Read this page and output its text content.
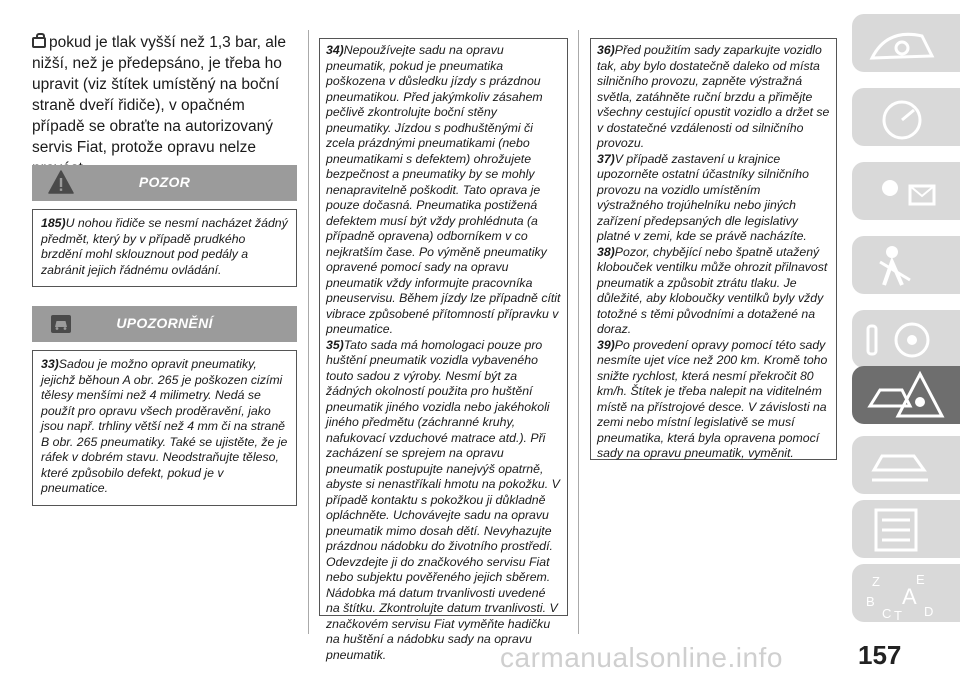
pokud je tlak vyšší než 1,3 bar, ale nižší, než je předepsáno, je třeba ho upravit (viz štítek umístěný na boční straně dveří řidiče), v opačném případě se obraťte na autorizovaný servis Fiat, protože opravu nelze
POZOR

185)U nohou řidiče se nesmí nacházet žádný předmět, který by v případě prudkého brzdění mohl sklouznout pod pedály a zabránit jejich řádnému ovládání.

UPOZORNĚNÍ

33)Sadou je možno opravit pneumatiky, jejichž běhoun A obr. 265 je poškozen cizími tělesy menšími než 4 milimetry. Nedá se použít pro opravu všech proděravění, jako jsou např. trhliny větší než 4 mm či na straně B obr. 265 pneumatiky. Také se ujistěte, že je ráfek v dobrém stavu. Neodstraňujte těleso, které způsobilo defekt, pokud je v pneumatice.

34)Nepoužívejte sadu na opravu pneumatik, pokud je pneumatika poškozena v důsledku jízdy s prázdnou pneumatikou. Před jakýmkoliv zásahem pečlivě zkontrolujte boční stěny pneumatiky. Jízdou s podhuštěnými či zcela prázdnými pneumatikami (nebo pneumatikami s defektem) ohrožujete bezpečnost a pneumatiky by se mohly nenapravitelně poškodit. Tato oprava je pouze dočasná. Pneumatika postižená defektem musí být vždy prohlédnuta (a případně opravena) odborníkem v co nejkratším čase. Po výměně pneumatiky opravené pomocí sady na opravu pneumatik vždy informujte pracovníka pneuservisu. Během jízdy lze případně cítit vibrace způsobené přítomností přípravku v pneumatice.

35)Tato sada má homologaci pouze pro huštění pneumatik vozidla vybaveného touto sadou z výroby. Nesmí být za žádných okolností použita pro huštění pneumatik jiného vozidla nebo jakéhokoli jiného předmětu (záchranné kruhy, nafukovací vzduchové matrace atd.). Při zacházení se sprejem na opravu pneumatik postupujte nanejvýš opatrně, abyste si nenastříkali hmotu na pokožku. V případě kontaktu s pokožkou ji důkladně opláchněte. Uchovávejte sadu na opravu pneumatik mimo dosah dětí. Nevyhazujte prázdnou nádobku do životního prostředí. Odevzdejte ji do značkového servisu Fiat nebo subjektu pověřeného jejich sběrem. Nádobka má datum trvanlivosti uvedené na štítku. Zkontrolujte datum trvanlivosti. V značkovém servisu Fiat vyměňte hadičku na huštění a nádobku sady na opravu pneumatik.

36)Před použitím sady zaparkujte vozidlo tak, aby bylo dostatečně daleko od místa silničního provozu, zapněte výstražná světla, zatáhněte ruční brzdu a přiměјte všechny cestující opustit vozidlo a držet se v dostatečné vzdálenosti od silničního provozu.

37)V případě zastavení u krajnice upozorněte ostatní účastníky silničního provozu na vozidlo umístěním výstražného trojúhelníku nebo jiných zařízení předepsaných dle legislativy platné v zemi, kde se právě nacházíte.

38)Pozor, chybějící nebo špatně utažený klobouček ventilku může ohrozit přilnavost pneumatik a způsobit ztrátu tlaku. Je důležité, aby kloboučky ventilků byly vždy totožné s těmi původními a dotažené na doraz.

39)Po provedení opravy pomocí této sady nesmíte ujet více než 200 km. Kromě toho snižte rychlost, která nesmí překročit 80 km/h. Štítek je třeba nalepit na viditelném místě na přístrojové desce. V závislosti na zemi nebo místní legislativě se musí pneumatika, která byla opravena pomocí sady na opravu pneumatik, vyměnit.

Z	E
B A
C T D
carmanualsonline.info	157
